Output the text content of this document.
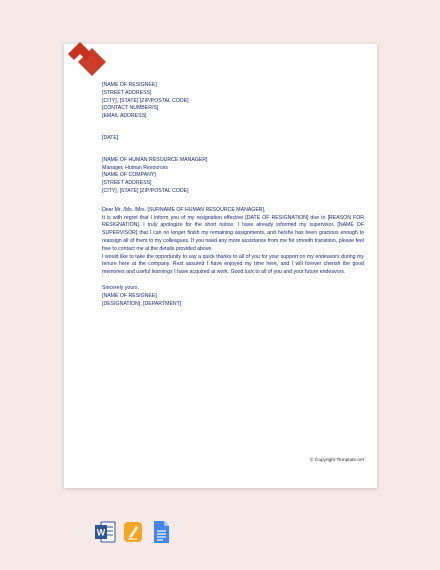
[NAME OF RESIGNEE]

[STREET ADDRESS]

[CITY], [STATE] [ZIP/POSTAL CODE]

[CONTACT NUMBER/S]

[EMAIL ADDRESS]

[DATE]

[NAME OF HUMAN RESOURCE MANAGER]

Manager, Human Resources

[NAME OF COMPANY]

[STREET ADDRESS]

[CITY], [STATE] [ZIP/POSTAL CODE]

Dear Mr. /Ms. /Mrs. [SURNAME OF HUMAN RESOURCE MANAGER],

It is with regret that I inform you of my resignation effective [DATE OF RESIGNATION] due to [REASON FOR RESIGNATION]. I truly apologize for the short notice. I have already informed my supervisor, [NAME OF SUPERVISOR] that I can no longer finish my remaining assignments, and he/she has been gracious enough to reassign all of them to my colleagues. If you need any more assistance from me for smooth transition, please feel free to contact me at the details provided above.

I would like to take the opportunity to say a quick thanks to all of you for your support on my endeavors during my tenure here at the company. Rest assured I have enjoyed my time here, and I will forever cherish the good memories and useful learnings I have acquired at work. Good luck to all of you and your future endeavors.

Sincerely yours,

[NAME OF RESIGNEE]

[DESIGNATION], [DEPARTMENT]

© Copyright Template.net
W
